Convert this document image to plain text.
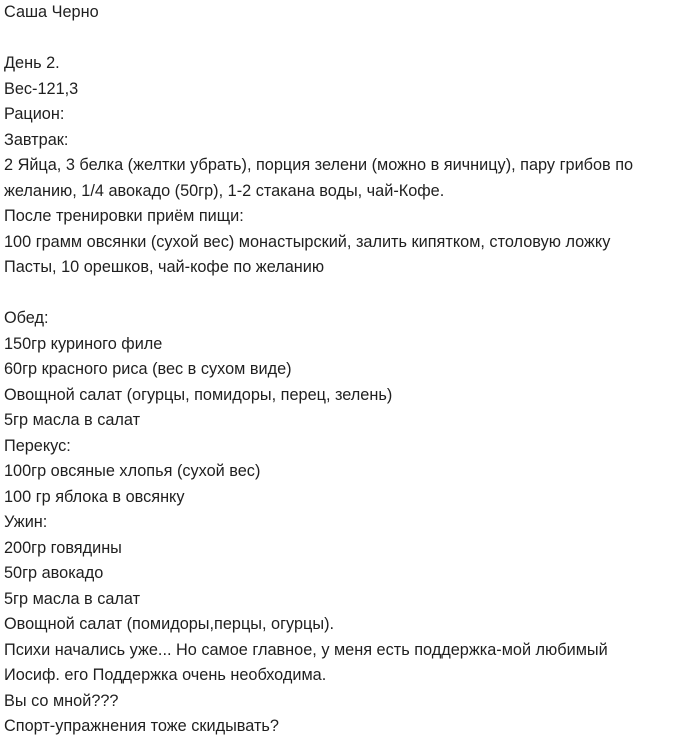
Саша Черно
День 2.
Вес-121,3
Рацион:
Завтрак:
2 Яйца, 3 белка (желтки убрать), порция зелени (можно в яичницу), пару грибов по
желанию, 1/4 авокадо (50гр), 1-2 стакана воды, чай-Кофе.
После тренировки приём пищи:
100 грамм овсянки (сухой вес) монастырский, залить кипятком, столовую ложку
Пасты, 10 орешков, чай-кофе по желанию
Обед:
150гр куриного филе
60гр красного риса (вес в сухом виде)
Овощной салат (огурцы, помидоры, перец, зелень)
5гр масла в салат
Перекус:
100гр овсяные хлопья (сухой вес)
100 гр яблока в овсянку
Ужин:
200гр говядины
50гр авокадо
5гр масла в салат
Овощной салат (помидоры,перцы, огурцы).
Психи начались уже... Но самое главное, у меня есть поддержка-мой любимый
Иосиф. его Поддержка очень необходима.
Вы со мной???
Спорт-упражнения тоже скидывать?
